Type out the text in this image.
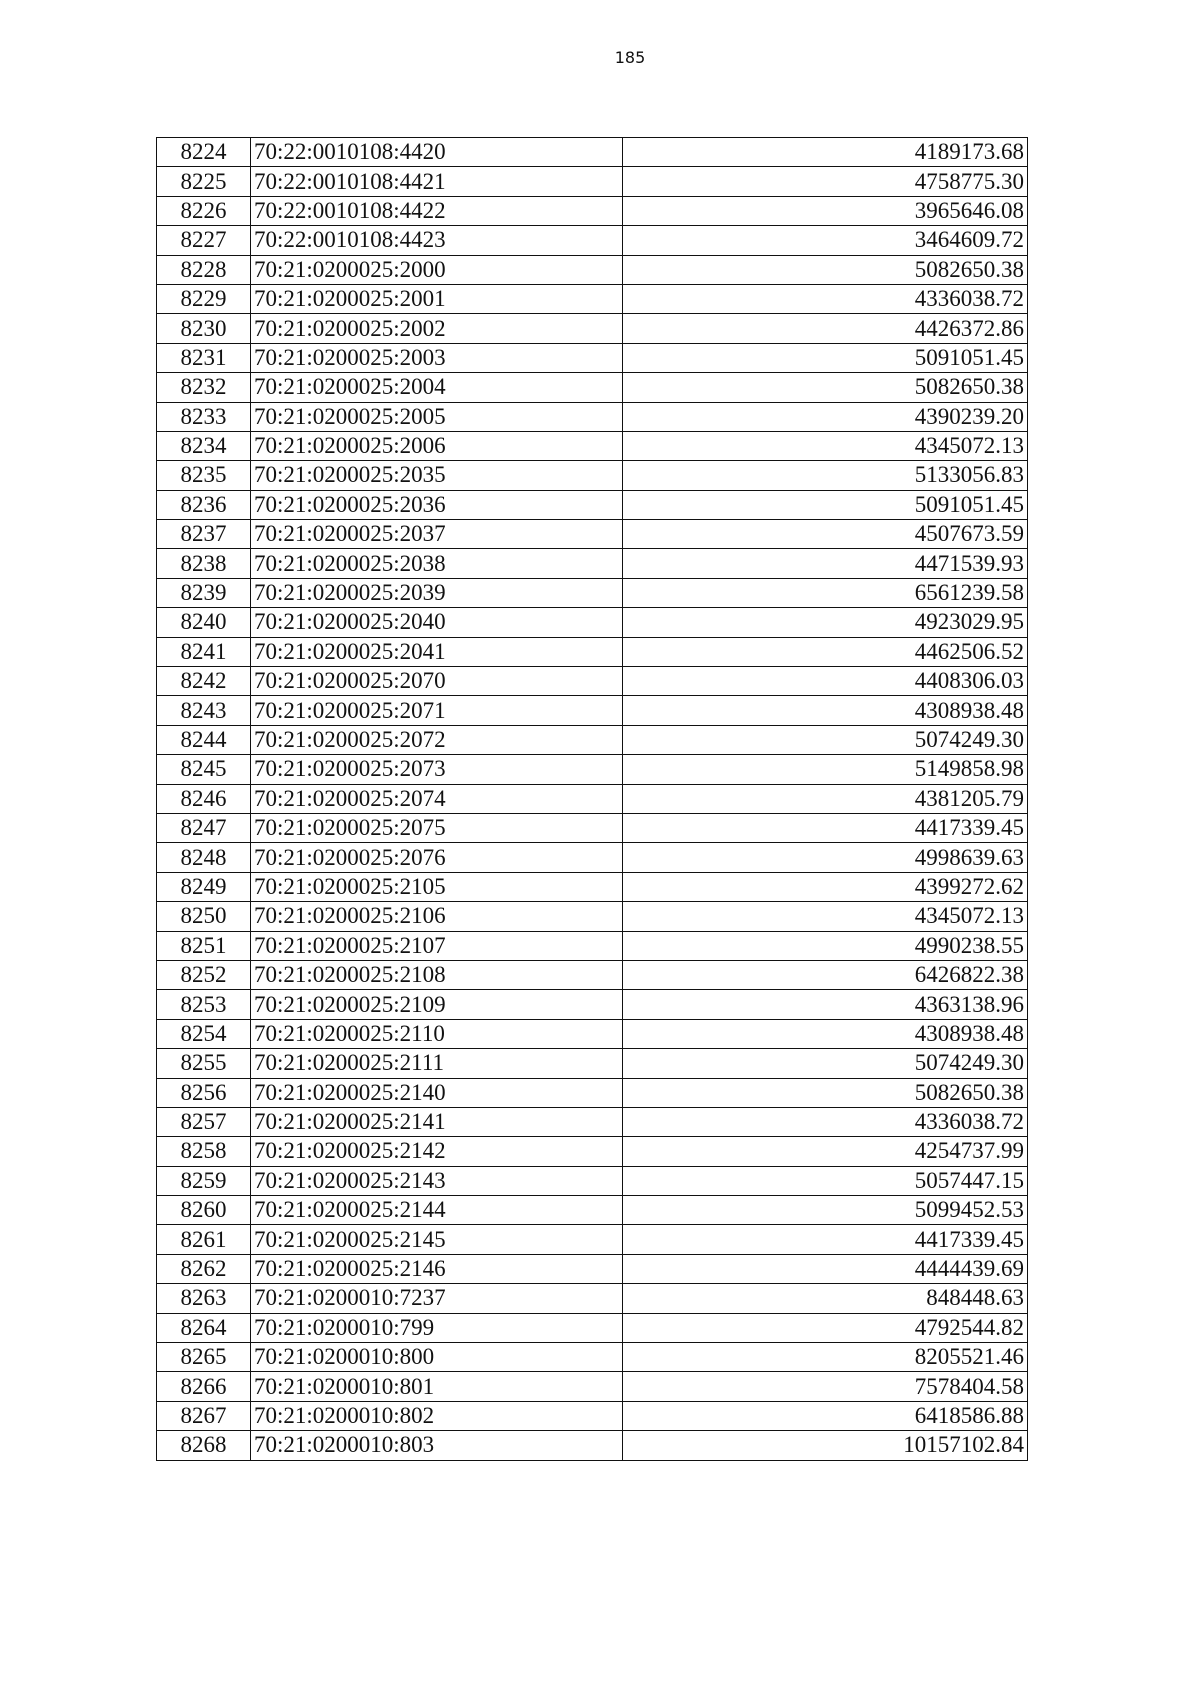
185
8224	70:22:0010108:4420	4189173.68
8225	70:22:0010108:4421	4758775.30
8226	70:22:0010108:4422	3965646.08
8227	70:22:0010108:4423	3464609.72
8228	70:21:0200025:2000	5082650.38
8229	70:21:0200025:2001	4336038.72
8230	70:21:0200025:2002	4426372.86
8231	70:21:0200025:2003	5091051.45
8232	70:21:0200025:2004	5082650.38
8233	70:21:0200025:2005	4390239.20
8234	70:21:0200025:2006	4345072.13
8235	70:21:0200025:2035	5133056.83
8236	70:21:0200025:2036	5091051.45
8237	70:21:0200025:2037	4507673.59
8238	70:21:0200025:2038	4471539.93
8239	70:21:0200025:2039	6561239.58
8240	70:21:0200025:2040	4923029.95
8241	70:21:0200025:2041	4462506.52
8242	70:21:0200025:2070	4408306.03
8243	70:21:0200025:2071	4308938.48
8244	70:21:0200025:2072	5074249.30
8245	70:21:0200025:2073	5149858.98
8246	70:21:0200025:2074	4381205.79
8247	70:21:0200025:2075	4417339.45
8248	70:21:0200025:2076	4998639.63
8249	70:21:0200025:2105	4399272.62
8250	70:21:0200025:2106	4345072.13
8251	70:21:0200025:2107	4990238.55
8252	70:21:0200025:2108	6426822.38
8253	70:21:0200025:2109	4363138.96
8254	70:21:0200025:2110	4308938.48
8255	70:21:0200025:2111	5074249.30
8256	70:21:0200025:2140	5082650.38
8257	70:21:0200025:2141	4336038.72
8258	70:21:0200025:2142	4254737.99
8259	70:21:0200025:2143	5057447.15
8260	70:21:0200025:2144	5099452.53
8261	70:21:0200025:2145	4417339.45
8262	70:21:0200025:2146	4444439.69
8263	70:21:0200010:7237	848448.63
8264	70:21:0200010:799	4792544.82
8265	70:21:0200010:800	8205521.46
8266	70:21:0200010:801	7578404.58
8267	70:21:0200010:802	6418586.88
8268	70:21:0200010:803	10157102.84
